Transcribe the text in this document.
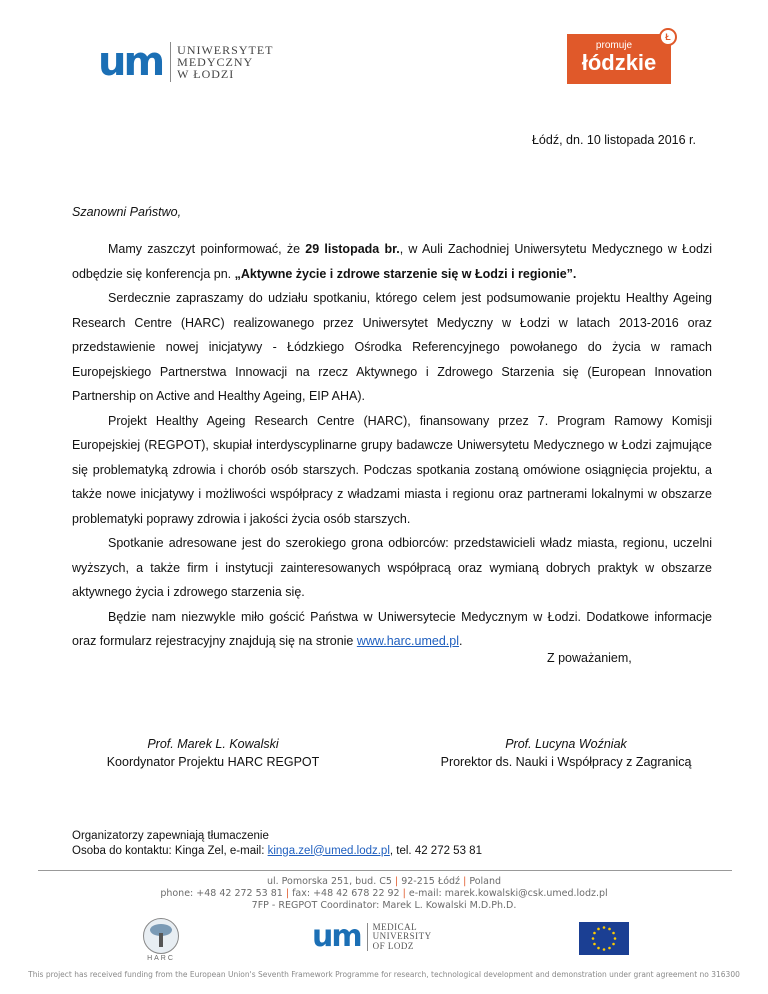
um UNIWERSYTET
MEDYCZNY
W ŁODZI
promuje
łódzkie
Ł
Łódź, dn. 10 listopada 2016 r.
Szanowni Państwo,

Mamy zaszczyt poinformować, że 29 listopada br., w Auli Zachodniej Uniwersytetu Medycznego w Łodzi odbędzie się konferencja pn. „Aktywne życie i zdrowe starzenie się w Łodzi i regionie”.

Serdecznie zapraszamy do udziału spotkaniu, którego celem jest podsumowanie projektu Healthy Ageing Research Centre (HARC) realizowanego przez Uniwersytet Medyczny w Łodzi w latach 2013-2016 oraz przedstawienie nowej inicjatywy - Łódzkiego Ośrodka Referencyjnego powołanego do życia w ramach Europejskiego Partnerstwa Innowacji na rzecz Aktywnego i Zdrowego Starzenia się (European Innovation Partnership on Active and Healthy Ageing, EIP AHA).

Projekt Healthy Ageing Research Centre (HARC), finansowany przez 7. Program Ramowy Komisji Europejskiej (REGPOT), skupiał interdyscyplinarne grupy badawcze Uniwersytetu Medycznego w Łodzi zajmujące się problematyką zdrowia i chorób osób starszych. Podczas spotkania zostaną omówione osiągnięcia projektu, a także nowe inicjatywy i możliwości współpracy z władzami miasta i regionu oraz partnerami lokalnymi w obszarze problematyki poprawy zdrowia i jakości życia osób starszych.

Spotkanie adresowane jest do szerokiego grona odbiorców: przedstawicieli władz miasta, regionu, uczelni wyższych, a także firm i instytucji zainteresowanych współpracą oraz wymianą dobrych praktyk w obszarze aktywnego życia i zdrowego starzenia się.

Będzie nam niezwykle miło gościć Państwa w Uniwersytecie Medycznym w Łodzi. Dodatkowe informacje oraz formularz rejestracyjny znajdują się na stronie www.harc.umed.pl.

Z poważaniem,
Prof. Marek L. Kowalski
Koordynator Projektu HARC REGPOT
Prof. Lucyna Woźniak
Prorektor ds. Nauki i Współpracy z Zagranicą
Organizatorzy zapewniają tłumaczenie
Osoba do kontaktu: Kinga Zel, e-mail: kinga.zel@umed.lodz.pl, tel. 42 272 53 81
ul. Pomorska 251, bud. C5 | 92-215 Łódź | Poland
phone: +48 42 272 53 81 | fax: +48 42 678 22 92 | e-mail: marek.kowalski@csk.umed.lodz.pl
7FP - REGPOT Coordinator: Marek L. Kowalski M.D.Ph.D.
HARC
um MEDICAL
UNIVERSITY
OF LODZ
This project has received funding from the European Union's Seventh Framework Programme for research, technological development and demonstration under grant agreement no 316300
